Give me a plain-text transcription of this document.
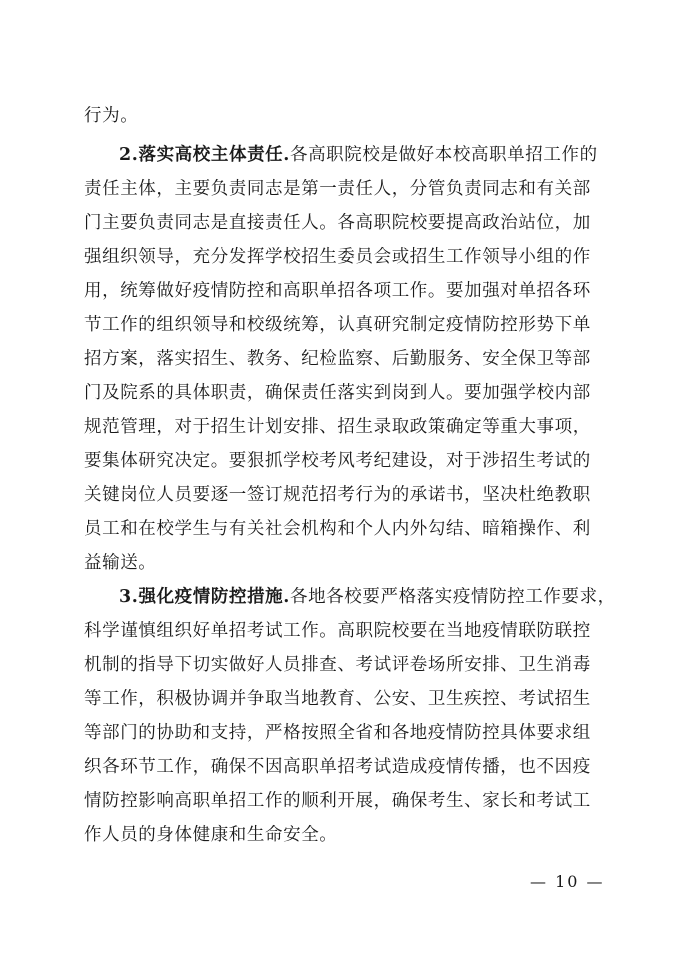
行为。
2.落实高校主体责任.各高职院校是做好本校高职单招工作的
责任主体，主要负责同志是第一责任人，分管负责同志和有关部
门主要负责同志是直接责任人。各高职院校要提高政治站位，加
强组织领导，充分发挥学校招生委员会或招生工作领导小组的作
用，统筹做好疫情防控和高职单招各项工作。要加强对单招各环
节工作的组织领导和校级统筹，认真研究制定疫情防控形势下单
招方案，落实招生、教务、纪检监察、后勤服务、安全保卫等部
门及院系的具体职责，确保责任落实到岗到人。要加强学校内部
规范管理，对于招生计划安排、招生录取政策确定等重大事项，
要集体研究决定。要狠抓学校考风考纪建设，对于涉招生考试的
关键岗位人员要逐一签订规范招考行为的承诺书，坚决杜绝教职
员工和在校学生与有关社会机构和个人内外勾结、暗箱操作、利
益输送。
3.强化疫情防控措施.各地各校要严格落实疫情防控工作要求，
科学谨慎组织好单招考试工作。高职院校要在当地疫情联防联控
机制的指导下切实做好人员排查、考试评卷场所安排、卫生消毒
等工作，积极协调并争取当地教育、公安、卫生疾控、考试招生
等部门的协助和支持，严格按照全省和各地疫情防控具体要求组
织各环节工作，确保不因高职单招考试造成疫情传播，也不因疫
情防控影响高职单招工作的顺利开展，确保考生、家长和考试工
作人员的身体健康和生命安全。
— 10 —
